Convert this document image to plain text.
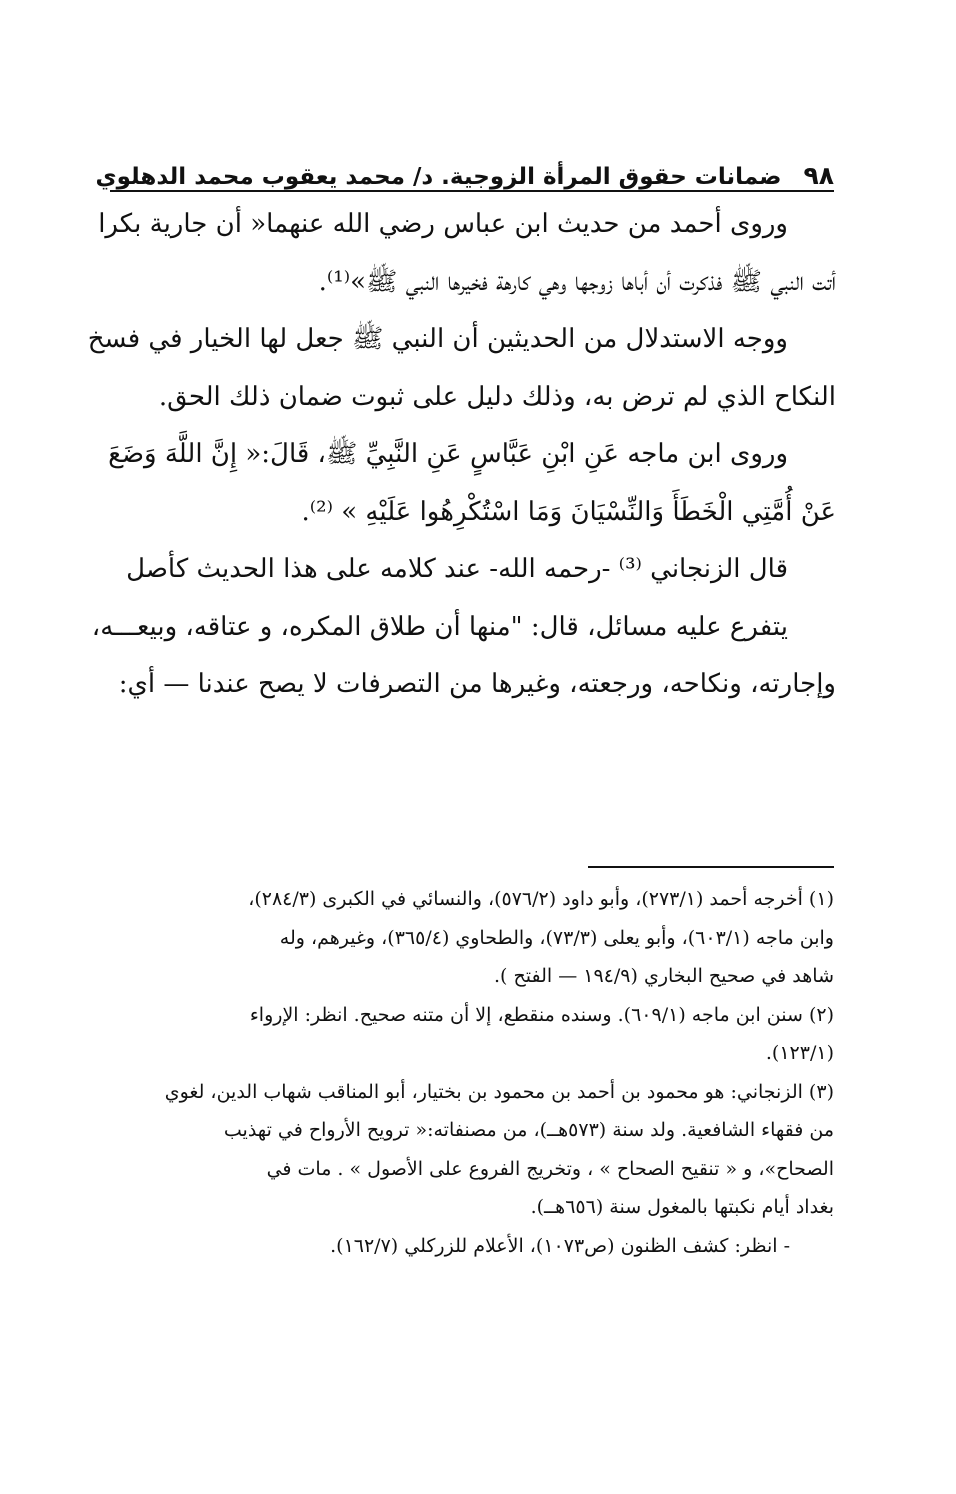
٩٨
ضمانات حقوق المرأة الزوجية. د/ محمد يعقوب محمد الدهلوي

وروى أحمد من حديث ابن عباس رضي الله عنهما« أن جارية بكرا
أتت النبي ﷺ فذكرت أن أباها زوجها وهي كارهة فخيرها النبي ﷺ»⁽¹⁾.

ووجه الاستدلال من الحديثين أن النبي ﷺ جعل لها الخيار في فسخ
النكاح الذي لم ترض به، وذلك دليل على ثبوت ضمان ذلك الحق.

وروى ابن ماجه عَنِ ابْنِ عَبَّاسٍ عَنِ النَّبِيِّ ﷺ، قَالَ:« إِنَّ اللَّهَ وَضَعَ
عَنْ أُمَّتِي الْخَطَأَ وَالنِّسْيَانَ وَمَا اسْتُكْرِهُوا عَلَيْهِ » ⁽²⁾.

قال الزنجاني ⁽³⁾ -رحمه الله- عند كلامه على هذا الحديث كأصل
يتفرع عليه مسائل، قال: "منها أن طلاق المكره، و عتاقه، وبيعـــه،
وإجارته، ونكاحه، ورجعته، وغيرها من التصرفات لا يصح عندنا — أي:

(١) أخرجه أحمد (٢٧٣/١)، وأبو داود (٥٧٦/٢)، والنسائي في الكبرى (٢٨٤/٣)،
وابن ماجه (٦٠٣/١)، وأبو يعلى (٧٣/٣)، والطحاوي (٣٦٥/٤)، وغيرهم، وله
شاهد في صحيح البخاري (١٩٤/٩ — الفتح ).
(٢) سنن ابن ماجه (٦٠٩/١). وسنده منقطع، إلا أن متنه صحيح. انظر: الإرواء
(١٢٣/١).
(٣) الزنجاني: هو محمود بن أحمد بن محمود بن بختيار، أبو المناقب شهاب الدين، لغوي
من فقهاء الشافعية. ولد سنة (٥٧٣هــ)، من مصنفاته:« ترويح الأرواح في تهذيب
الصحاح»، و « تنقيح الصحاح » ، وتخريج الفروع على الأصول » . مات في
بغداد أيام نكبتها بالمغول سنة (٦٥٦هــ).
- انظر: كشف الظنون (ص١٠٧٣)، الأعلام للزركلي (١٦٢/٧).
